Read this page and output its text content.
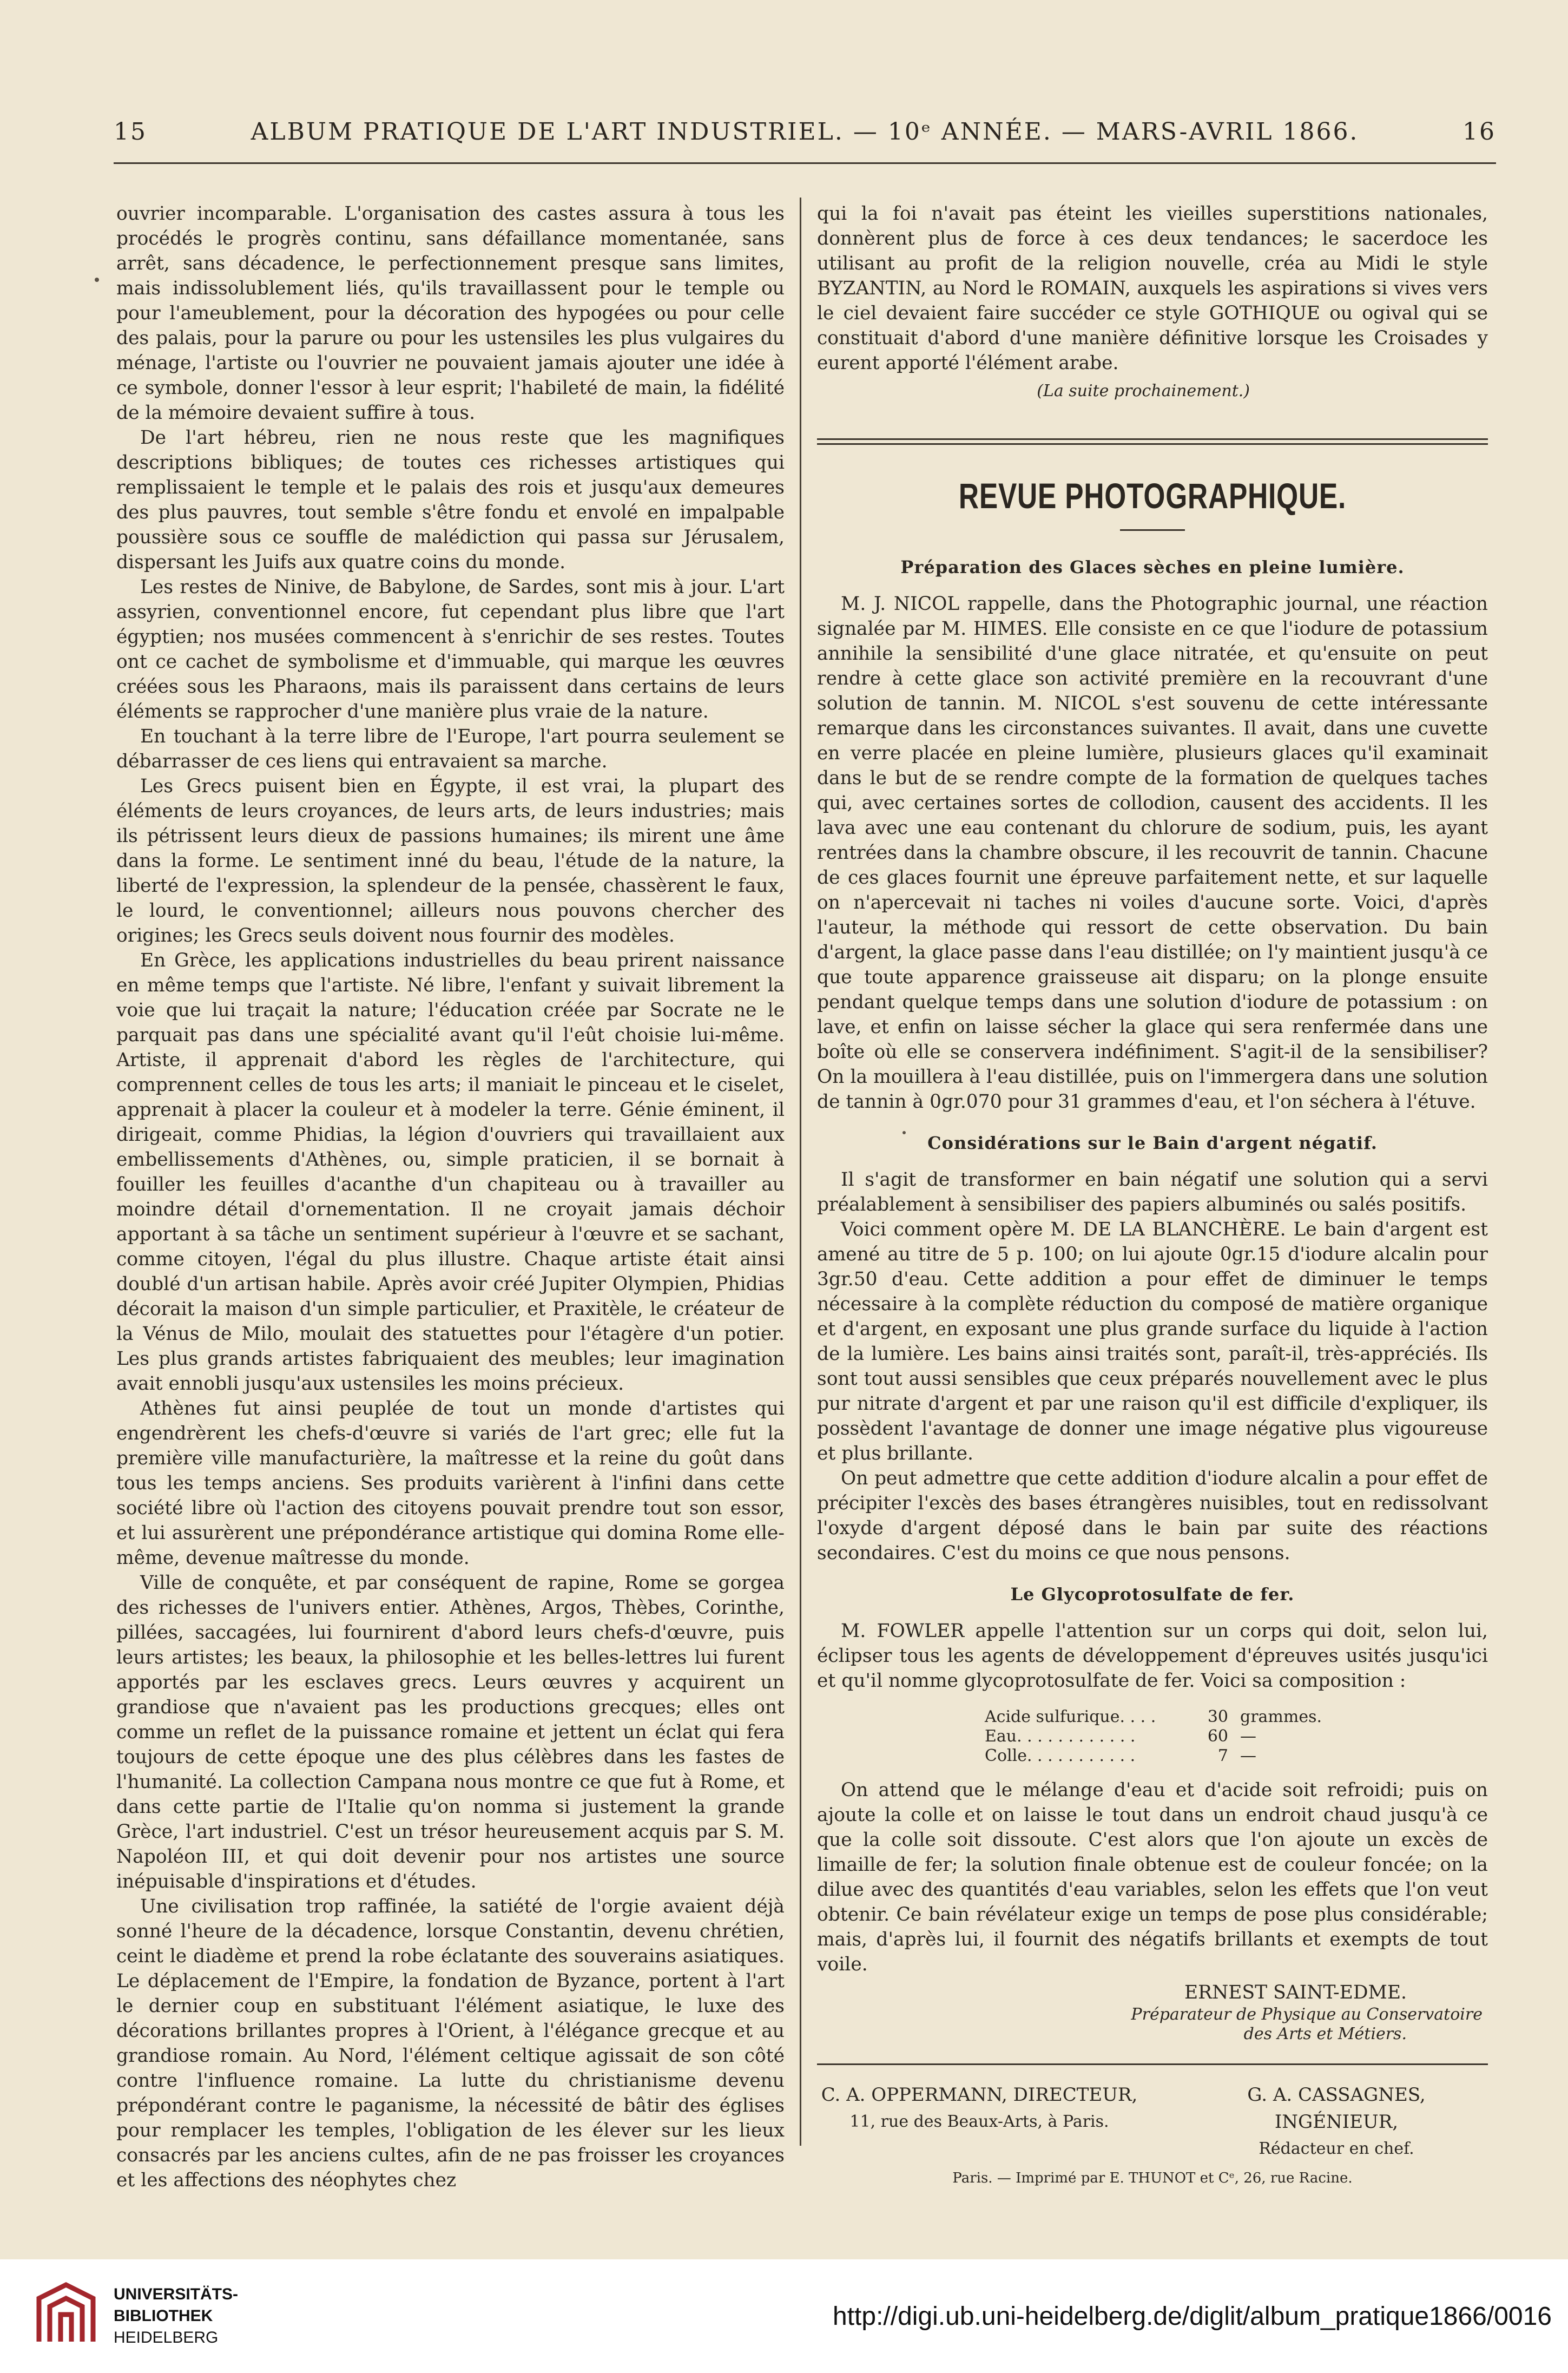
15	ALBUM PRATIQUE DE L'ART INDUSTRIEL. — 10ᵉ ANNÉE. — MARS-AVRIL 1866.	16

ouvrier incomparable. L'organisation des castes assura à tous les procédés le progrès continu, sans défaillance momentanée, sans arrêt, sans décadence, le perfectionnement presque sans limites, mais indissolublement liés, qu'ils travaillassent pour le temple ou pour l'ameublement, pour la décoration des hypogées ou pour celle des palais, pour la parure ou pour les ustensiles les plus vulgaires du ménage, l'artiste ou l'ouvrier ne pouvaient jamais ajouter une idée à ce symbole, donner l'essor à leur esprit; l'habileté de main, la fidélité de la mémoire devaient suffire à tous.

De l'art hébreu, rien ne nous reste que les magnifiques descriptions bibliques; de toutes ces richesses artistiques qui remplissaient le temple et le palais des rois et jusqu'aux demeures des plus pauvres, tout semble s'être fondu et envolé en impalpable poussière sous ce souffle de malédiction qui passa sur Jérusalem, dispersant les Juifs aux quatre coins du monde.

Les restes de Ninive, de Babylone, de Sardes, sont mis à jour. L'art assyrien, conventionnel encore, fut cependant plus libre que l'art égyptien; nos musées commencent à s'enrichir de ses restes. Toutes ont ce cachet de symbolisme et d'immuable, qui marque les œuvres créées sous les Pharaons, mais ils paraissent dans certains de leurs éléments se rapprocher d'une manière plus vraie de la nature.

En touchant à la terre libre de l'Europe, l'art pourra seulement se débarrasser de ces liens qui entravaient sa marche.

Les Grecs puisent bien en Égypte, il est vrai, la plupart des éléments de leurs croyances, de leurs arts, de leurs industries; mais ils pétrissent leurs dieux de passions humaines; ils mirent une âme dans la forme. Le sentiment inné du beau, l'étude de la nature, la liberté de l'expression, la splendeur de la pensée, chassèrent le faux, le lourd, le conventionnel; ailleurs nous pouvons chercher des origines; les Grecs seuls doivent nous fournir des modèles.

En Grèce, les applications industrielles du beau prirent naissance en même temps que l'artiste. Né libre, l'enfant y suivait librement la voie que lui traçait la nature; l'éducation créée par Socrate ne le parquait pas dans une spécialité avant qu'il l'eût choisie lui-même. Artiste, il apprenait d'abord les règles de l'architecture, qui comprennent celles de tous les arts; il maniait le pinceau et le ciselet, apprenait à placer la couleur et à modeler la terre. Génie éminent, il dirigeait, comme Phidias, la légion d'ouvriers qui travaillaient aux embellissements d'Athènes, ou, simple praticien, il se bornait à fouiller les feuilles d'acanthe d'un chapiteau ou à travailler au moindre détail d'ornementation. Il ne croyait jamais déchoir apportant à sa tâche un sentiment supérieur à l'œuvre et se sachant, comme citoyen, l'égal du plus illustre. Chaque artiste était ainsi doublé d'un artisan habile. Après avoir créé Jupiter Olympien, Phidias décorait la maison d'un simple particulier, et Praxitèle, le créateur de la Vénus de Milo, moulait des statuettes pour l'étagère d'un potier. Les plus grands artistes fabriquaient des meubles; leur imagination avait ennobli jusqu'aux ustensiles les moins précieux.

Athènes fut ainsi peuplée de tout un monde d'artistes qui engendrèrent les chefs-d'œuvre si variés de l'art grec; elle fut la première ville manufacturière, la maîtresse et la reine du goût dans tous les temps anciens. Ses produits varièrent à l'infini dans cette société libre où l'action des citoyens pouvait prendre tout son essor, et lui assurèrent une prépondérance artistique qui domina Rome elle-même, devenue maîtresse du monde.

Ville de conquête, et par conséquent de rapine, Rome se gorgea des richesses de l'univers entier. Athènes, Argos, Thèbes, Corinthe, pillées, saccagées, lui fournirent d'abord leurs chefs-d'œuvre, puis leurs artistes; les beaux, la philosophie et les belles-lettres lui furent apportés par les esclaves grecs. Leurs œuvres y acquirent un grandiose que n'avaient pas les productions grecques; elles ont comme un reflet de la puissance romaine et jettent un éclat qui fera toujours de cette époque une des plus célèbres dans les fastes de l'humanité. La collection Campana nous montre ce que fut à Rome, et dans cette partie de l'Italie qu'on nomma si justement la grande Grèce, l'art industriel. C'est un trésor heureusement acquis par S. M. Napoléon III, et qui doit devenir pour nos artistes une source inépuisable d'inspirations et d'études.

Une civilisation trop raffinée, la satiété de l'orgie avaient déjà sonné l'heure de la décadence, lorsque Constantin, devenu chrétien, ceint le diadème et prend la robe éclatante des souverains asiatiques. Le déplacement de l'Empire, la fondation de Byzance, portent à l'art le dernier coup en substituant l'élément asiatique, le luxe des décorations brillantes propres à l'Orient, à l'élégance grecque et au grandiose romain. Au Nord, l'élément celtique agissait de son côté contre l'influence romaine. La lutte du christianisme devenu prépondérant contre le paganisme, la nécessité de bâtir des églises pour remplacer les temples, l'obligation de les élever sur les lieux consacrés par les anciens cultes, afin de ne pas froisser les croyances et les affections des néophytes chez

qui la foi n'avait pas éteint les vieilles superstitions nationales, donnèrent plus de force à ces deux tendances; le sacerdoce les utilisant au profit de la religion nouvelle, créa au Midi le style BYZANTIN, au Nord le ROMAIN, auxquels les aspirations si vives vers le ciel devaient faire succéder ce style GOTHIQUE ou ogival qui se constituait d'abord d'une manière définitive lorsque les Croisades y eurent apporté l'élément arabe.

(La suite prochainement.)
REVUE PHOTOGRAPHIQUE.
Préparation des Glaces sèches en pleine lumière.

M. J. NICOL rappelle, dans the Photographic journal, une réaction signalée par M. HIMES. Elle consiste en ce que l'iodure de potassium annihile la sensibilité d'une glace nitratée, et qu'ensuite on peut rendre à cette glace son activité première en la recouvrant d'une solution de tannin. M. NICOL s'est souvenu de cette intéressante remarque dans les circonstances suivantes. Il avait, dans une cuvette en verre placée en pleine lumière, plusieurs glaces qu'il examinait dans le but de se rendre compte de la formation de quelques taches qui, avec certaines sortes de collodion, causent des accidents. Il les lava avec une eau contenant du chlorure de sodium, puis, les ayant rentrées dans la chambre obscure, il les recouvrit de tannin. Chacune de ces glaces fournit une épreuve parfaitement nette, et sur laquelle on n'apercevait ni taches ni voiles d'aucune sorte. Voici, d'après l'auteur, la méthode qui ressort de cette observation. Du bain d'argent, la glace passe dans l'eau distillée; on l'y maintient jusqu'à ce que toute apparence graisseuse ait disparu; on la plonge ensuite pendant quelque temps dans une solution d'iodure de potassium : on lave, et enfin on laisse sécher la glace qui sera renfermée dans une boîte où elle se conservera indéfiniment. S'agit-il de la sensibiliser? On la mouillera à l'eau distillée, puis on l'immergera dans une solution de tannin à 0gr.070 pour 31 grammes d'eau, et l'on séchera à l'étuve.

Considérations sur le Bain d'argent négatif.

Il s'agit de transformer en bain négatif une solution qui a servi préalablement à sensibiliser des papiers albuminés ou salés positifs.

Voici comment opère M. DE LA BLANCHÈRE. Le bain d'argent est amené au titre de 5 p. 100; on lui ajoute 0gr.15 d'iodure alcalin pour 3gr.50 d'eau. Cette addition a pour effet de diminuer le temps nécessaire à la complète réduction du composé de matière organique et d'argent, en exposant une plus grande surface du liquide à l'action de la lumière. Les bains ainsi traités sont, paraît-il, très-appréciés. Ils sont tout aussi sensibles que ceux préparés nouvellement avec le plus pur nitrate d'argent et par une raison qu'il est difficile d'expliquer, ils possèdent l'avantage de donner une image négative plus vigoureuse et plus brillante.

On peut admettre que cette addition d'iodure alcalin a pour effet de précipiter l'excès des bases étrangères nuisibles, tout en redissolvant l'oxyde d'argent déposé dans le bain par suite des réactions secondaires. C'est du moins ce que nous pensons.

Le Glycoprotosulfate de fer.

M. FOWLER appelle l'attention sur un corps qui doit, selon lui, éclipser tous les agents de développement d'épreuves usités jusqu'ici et qu'il nomme glycoprotosulfate de fer. Voici sa composition :

Acide sulfurique. . . .	30 grammes.
Eau. . . . . . . . . . . .	60 —
Colle. . . . . . . . . . .	7 —

On attend que le mélange d'eau et d'acide soit refroidi; puis on ajoute la colle et on laisse le tout dans un endroit chaud jusqu'à ce que la colle soit dissoute. C'est alors que l'on ajoute un excès de limaille de fer; la solution finale obtenue est de couleur foncée; on la dilue avec des quantités d'eau variables, selon les effets que l'on veut obtenir. Ce bain révélateur exige un temps de pose plus considérable; mais, d'après lui, il fournit des négatifs brillants et exempts de tout voile.

ERNEST SAINT-EDME.
Préparateur de Physique au Conservatoire
des Arts et Métiers.
C. A. OPPERMANN, DIRECTEUR,
11, rue des Beaux-Arts, à Paris.
G. A. CASSAGNES, INGÉNIEUR,
Rédacteur en chef.
Paris. — Imprimé par E. THUNOT et Cᵉ, 26, rue Racine.
UNIVERSITÄTS-
BIBLIOTHEK
HEIDELBERG
http://digi.ub.uni-heidelberg.de/diglit/album_pratique1866/0016
